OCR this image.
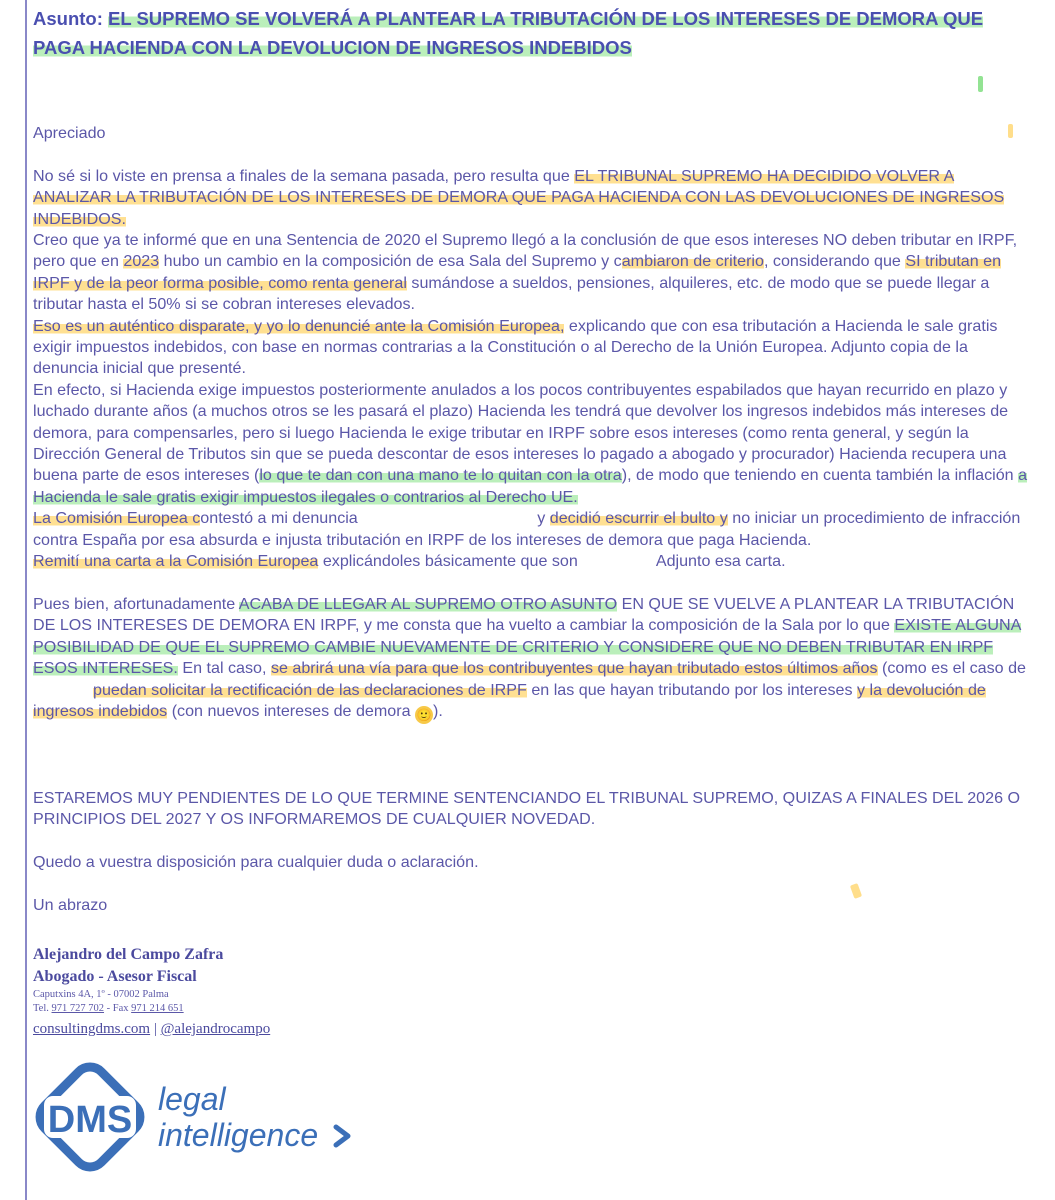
Asunto: EL SUPREMO SE VOLVERÁ A PLANTEAR LA TRIBUTACIÓN DE LOS INTERESES DE DEMORA QUE
PAGA HACIENDA CON LA DEVOLUCION DE INGRESOS INDEBIDOS

Apreciado

No sé si lo viste en prensa a finales de la semana pasada, pero resulta que EL TRIBUNAL SUPREMO HA DECIDIDO VOLVER A ANALIZAR LA TRIBUTACIÓN DE LOS INTERESES DE DEMORA QUE PAGA HACIENDA CON LAS DEVOLUCIONES DE INGRESOS INDEBIDOS.

Creo que ya te informé que en una Sentencia de 2020 el Supremo llegó a la conclusión de que esos intereses NO deben tributar en IRPF, pero que en 2023 hubo un cambio en la composición de esa Sala del Supremo y cambiaron de criterio, considerando que SI tributan en IRPF y de la peor forma posible, como renta general sumándose a sueldos, pensiones, alquileres, etc. de modo que se puede llegar a tributar hasta el 50% si se cobran intereses elevados.

Eso es un auténtico disparate, y yo lo denuncié ante la Comisión Europea, explicando que con esa tributación a Hacienda le sale gratis exigir impuestos indebidos, con base en normas contrarias a la Constitución o al Derecho de la Unión Europea. Adjunto copia de la denuncia inicial que presenté.

En efecto, si Hacienda exige impuestos posteriormente anulados a los pocos contribuyentes espabilados que hayan recurrido en plazo y luchado durante años (a muchos otros se les pasará el plazo) Hacienda les tendrá que devolver los ingresos indebidos más intereses de demora, para compensarles, pero si luego Hacienda le exige tributar en IRPF sobre esos intereses (como renta general, y según la Dirección General de Tributos sin que se pueda descontar de esos intereses lo pagado a abogado y procurador) Hacienda recupera una buena parte de esos intereses (lo que te dan con una mano te lo quitan con la otra), de modo que teniendo en cuenta también la inflación a Hacienda le sale gratis exigir impuestos ilegales o contrarios al Derecho UE.

La Comisión Europea contestó a mi denuncia	y decidió escurrir el bulto y no iniciar un procedimiento de infracción contra España por esa absurda e injusta tributación en IRPF de los intereses de demora que paga Hacienda.

Remití una carta a la Comisión Europea explicándoles básicamente que son	Adjunto esa carta.

Pues bien, afortunadamente ACABA DE LLEGAR AL SUPREMO OTRO ASUNTO EN QUE SE VUELVE A PLANTEAR LA TRIBUTACIÓN DE LOS INTERESES DE DEMORA EN IRPF, y me consta que ha vuelto a cambiar la composición de la Sala por lo que EXISTE ALGUNA POSIBILIDAD DE QUE EL SUPREMO CAMBIE NUEVAMENTE DE CRITERIO Y CONSIDERE QUE NO DEBEN TRIBUTAR EN IRPF ESOS INTERESES. En tal caso, se abrirá una vía para que los contribuyentes que hayan tributado estos últimos años (como es el caso depuedan solicitar la rectificación de las declaraciones de IRPF en las que hayan tributando por los intereses y la devolución de ingresos indebidos (con nuevos intereses de demora 🙂).

ESTAREMOS MUY PENDIENTES DE LO QUE TERMINE SENTENCIANDO EL TRIBUNAL SUPREMO, QUIZAS A FINALES DEL 2026 O PRINCIPIOS DEL 2027 Y OS INFORMAREMOS DE CUALQUIER NOVEDAD.

Quedo a vuestra disposición para cualquier duda o aclaración.

Un abrazo

Alejandro del Campo Zafra
Abogado - Asesor Fiscal
Caputxins 4A, 1º - 07002 Palma
Tel. 971 727 702 - Fax 971 214 651
consultingdms.com | @alejandrocampo
DMS legal
intelligence
